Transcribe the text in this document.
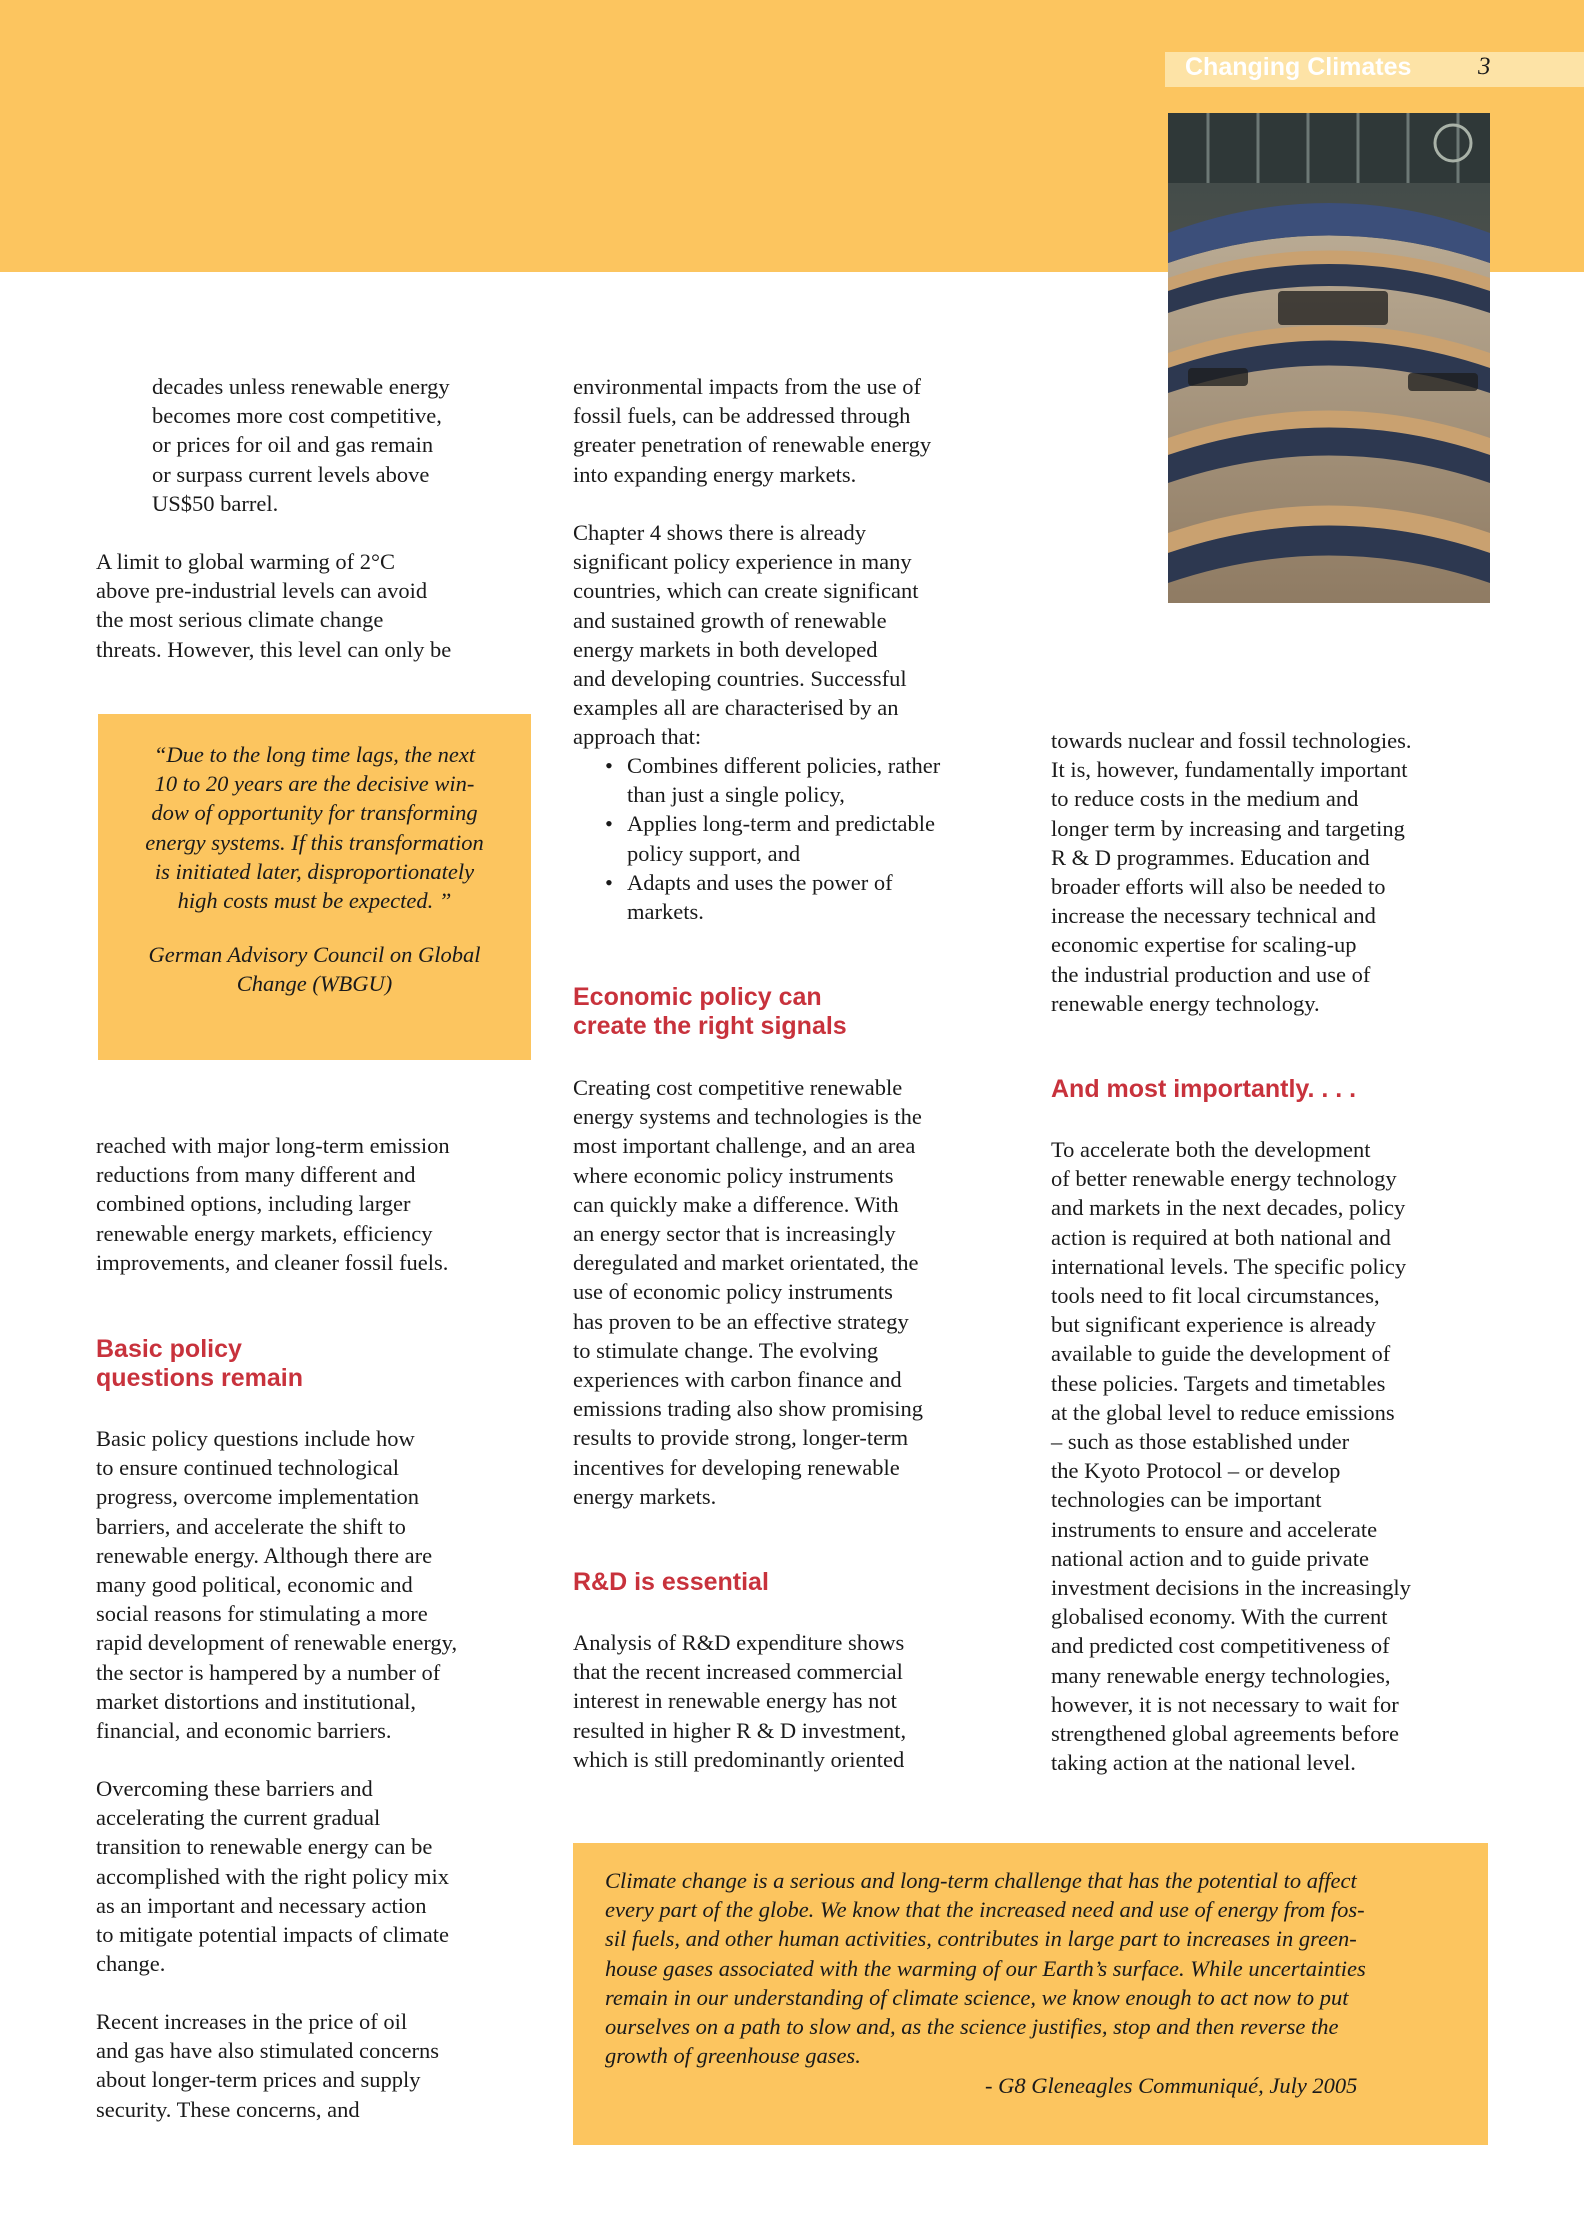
Changing Climates	3

decades unless renewable energy
becomes more cost competitive,
or prices for oil and gas remain
or surpass current levels above
US$50 barrel.

A limit to global warming of 2°C
above pre-industrial levels can avoid
the most serious climate change
threats. However, this level can only be

“Due to the long time lags, the next
10 to 20 years are the decisive win-
dow of opportunity for transforming
energy systems. If this transformation
is initiated later, disproportionately
high costs must be expected. ”

German Advisory Council on Global
Change (WBGU)

reached with major long-term emission
reductions from many different and
combined options, including larger
renewable energy markets, efficiency
improvements, and cleaner fossil fuels.

Basic policy
questions remain

Basic policy questions include how
to ensure continued technological
progress, overcome implementation
barriers, and accelerate the shift to
renewable energy. Although there are
many good political, economic and
social reasons for stimulating a more
rapid development of renewable energy,
the sector is hampered by a number of
market distortions and institutional,
financial, and economic barriers.

Overcoming these barriers and
accelerating the current gradual
transition to renewable energy can be
accomplished with the right policy mix
as an important and necessary action
to mitigate potential impacts of climate
change.

Recent increases in the price of oil
and gas have also stimulated concerns
about longer-term prices and supply
security. These concerns, and

environmental impacts from the use of
fossil fuels, can be addressed through
greater penetration of renewable energy
into expanding energy markets.

Chapter 4 shows there is already
significant policy experience in many
countries, which can create significant
and sustained growth of renewable
energy markets in both developed
and developing countries. Successful
examples all are characterised by an
approach that:

• Combines different policies, rather
than just a single policy,
• Applies long-term and predictable
policy support, and
• Adapts and uses the power of
markets.
Economic policy can
create the right signals

Creating cost competitive renewable
energy systems and technologies is the
most important challenge, and an area
where economic policy instruments
can quickly make a difference. With
an energy sector that is increasingly
deregulated and market orientated, the
use of economic policy instruments
has proven to be an effective strategy
to stimulate change. The evolving
experiences with carbon finance and
emissions trading also show promising
results to provide strong, longer-term
incentives for developing renewable
energy markets.

R&D is essential

Analysis of R&D expenditure shows
that the recent increased commercial
interest in renewable energy has not
resulted in higher R & D investment,
which is still predominantly oriented

towards nuclear and fossil technologies.
It is, however, fundamentally important
to reduce costs in the medium and
longer term by increasing and targeting
R & D programmes. Education and
broader efforts will also be needed to
increase the necessary technical and
economic expertise for scaling-up
the industrial production and use of
renewable energy technology.

And most importantly. . . .

To accelerate both the development
of better renewable energy technology
and markets in the next decades, policy
action is required at both national and
international levels. The specific policy
tools need to fit local circumstances,
but significant experience is already
available to guide the development of
these policies. Targets and timetables
at the global level to reduce emissions
– such as those established under
the Kyoto Protocol – or develop
technologies can be important
instruments to ensure and accelerate
national action and to guide private
investment decisions in the increasingly
globalised economy. With the current
and predicted cost competitiveness of
many renewable energy technologies,
however, it is not necessary to wait for
strengthened global agreements before
taking action at the national level.

Climate change is a serious and long-term challenge that has the potential to affect
every part of the globe. We know that the increased need and use of energy from fos-
sil fuels, and other human activities, contributes in large part to increases in green-
house gases associated with the warming of our Earth’s surface. While uncertainties
remain in our understanding of climate science, we know enough to act now to put
ourselves on a path to slow and, as the science justifies, stop and then reverse the
growth of greenhouse gases.

- G8 Gleneagles Communiqué, July 2005
